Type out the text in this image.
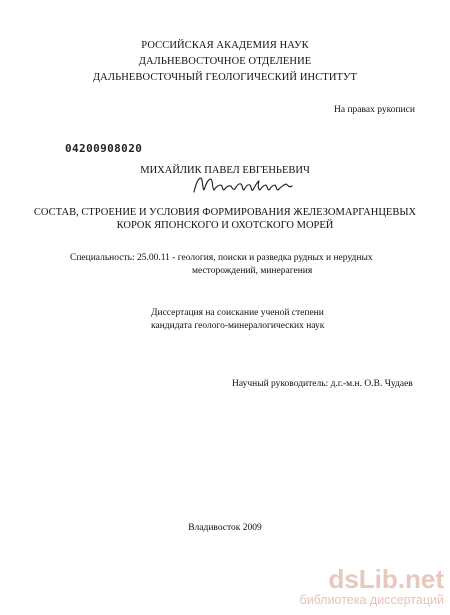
РОССИЙСКАЯ АКАДЕМИЯ НАУК
ДАЛЬНЕВОСТОЧНОЕ ОТДЕЛЕНИЕ
ДАЛЬНЕВОСТОЧНЫЙ ГЕОЛОГИЧЕСКИЙ ИНСТИТУТ
На правах рукописи
04200908020
МИХАЙЛИК ПАВЕЛ ЕВГЕНЬЕВИЧ
СОСТАВ, СТРОЕНИЕ И УСЛОВИЯ ФОРМИРОВАНИЯ ЖЕЛЕЗОМАРГАНЦЕВЫХ
КОРОК ЯПОНСКОГО И ОХОТСКОГО МОРЕЙ
Специальность: 25.00.11 - геология, поиски и разведка рудных и нерудных
месторождений, минерагения
Диссертация на соискание ученой степени
кандидата геолого-минералогических наук
Научный руководитель: д.г.-м.н. О.В. Чудаев
Владивосток 2009
dsLib.net
библиотека диссертаций
